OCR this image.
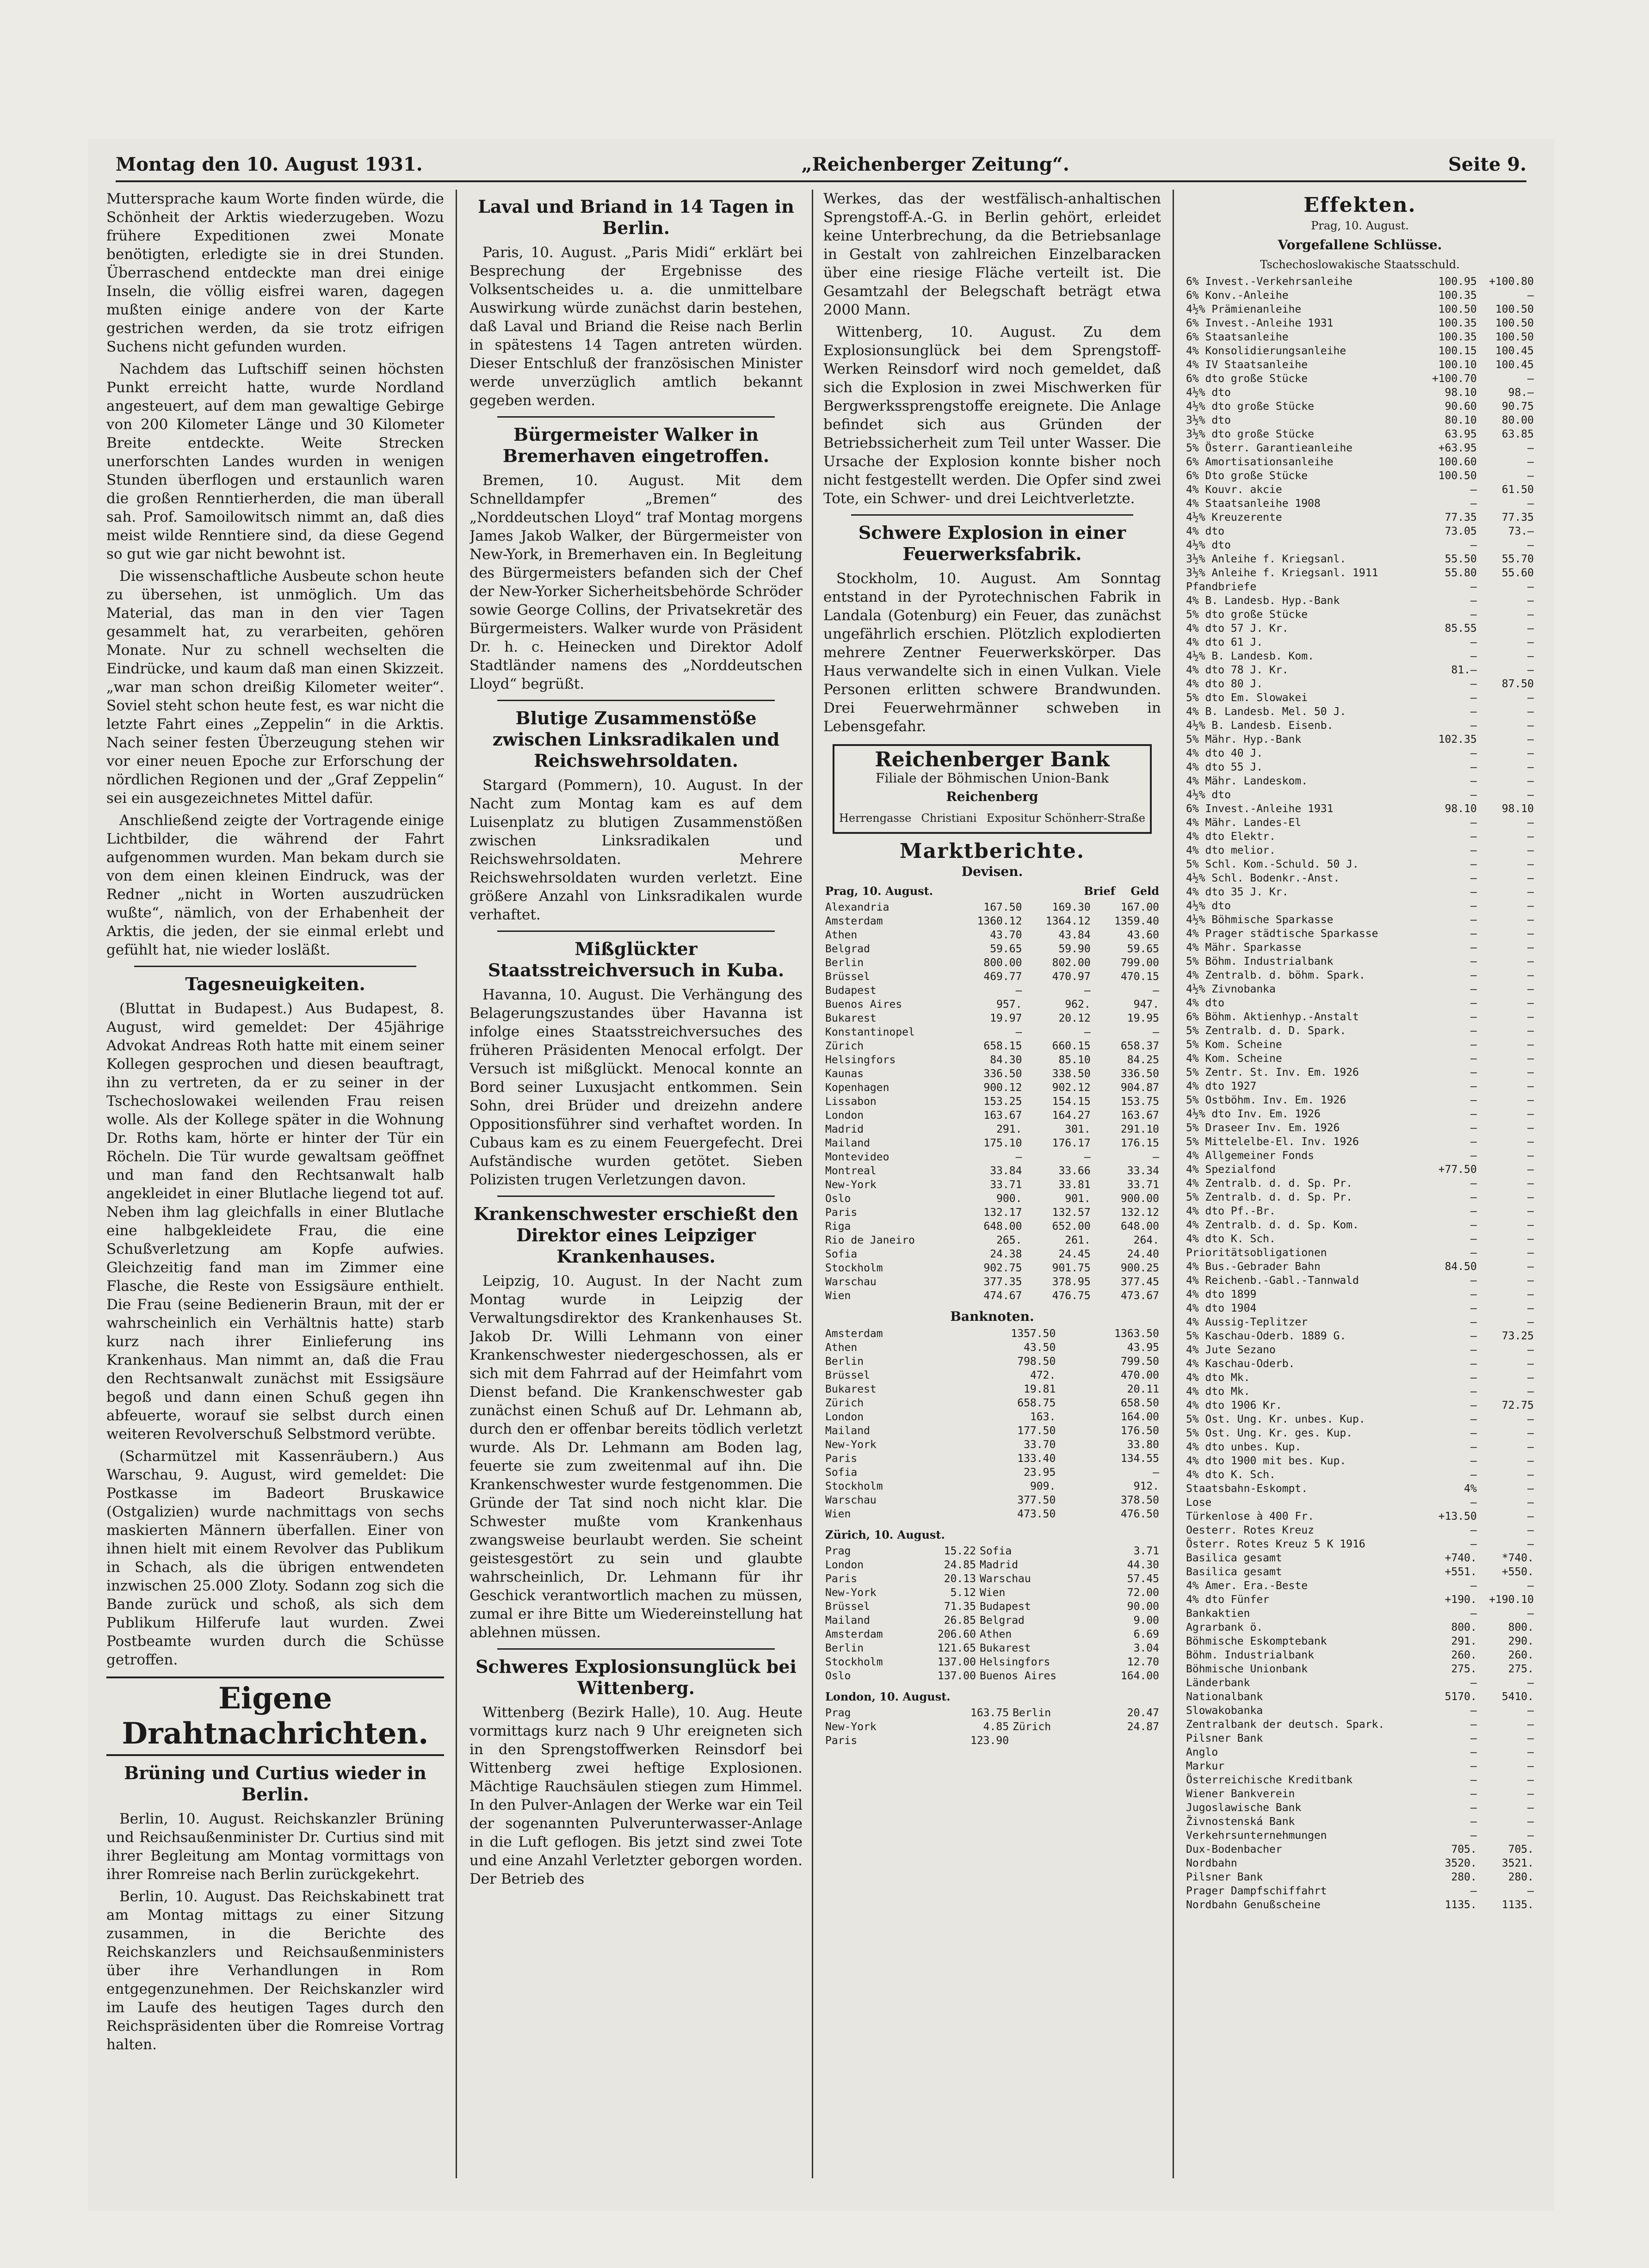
Montag den 10. August 1931.	„Reichenberger Zeitung“.	Seite 9.

Muttersprache kaum Worte finden würde, die Schönheit der Arktis wiederzugeben. Wozu frühere Expeditionen zwei Monate benötigten, erledigte sie in drei Stunden. Überraschend entdeckte man drei einige Inseln, die völlig eisfrei waren, dagegen mußten einige andere von der Karte gestrichen werden, da sie trotz eifrigen Suchens nicht gefunden wurden.

Nachdem das Luftschiff seinen höchsten Punkt erreicht hatte, wurde Nordland angesteuert, auf dem man gewaltige Gebirge von 200 Kilometer Länge und 30 Kilometer Breite entdeckte. Weite Strecken unerforschten Landes wurden in wenigen Stunden überflogen und erstaunlich waren die großen Renntierherden, die man überall sah. Prof. Samoilowitsch nimmt an, daß dies meist wilde Renntiere sind, da diese Gegend so gut wie gar nicht bewohnt ist.

Die wissenschaftliche Ausbeute schon heute zu übersehen, ist unmöglich. Um das Material, das man in den vier Tagen gesammelt hat, zu verarbeiten, gehören Monate. Nur zu schnell wechselten die Eindrücke, und kaum daß man einen Skizzeit. „war man schon dreißig Kilometer weiter“. Soviel steht schon heute fest, es war nicht die letzte Fahrt eines „Zeppelin“ in die Arktis. Nach seiner festen Überzeugung stehen wir vor einer neuen Epoche zur Erforschung der nördlichen Regionen und der „Graf Zeppelin“ sei ein ausgezeichnetes Mittel dafür.

Anschließend zeigte der Vortragende einige Lichtbilder, die während der Fahrt aufgenommen wurden. Man bekam durch sie von dem einen kleinen Eindruck, was der Redner „nicht in Worten auszudrücken wußte“, nämlich, von der Erhabenheit der Arktis, die jeden, der sie einmal erlebt und gefühlt hat, nie wieder losläßt.

Tagesneuigkeiten.

(Bluttat in Budapest.) Aus Budapest, 8. August, wird gemeldet: Der 45jährige Advokat Andreas Roth hatte mit einem seiner Kollegen gesprochen und diesen beauftragt, ihn zu vertreten, da er zu seiner in der Tschechoslowakei weilenden Frau reisen wolle. Als der Kollege später in die Wohnung Dr. Roths kam, hörte er hinter der Tür ein Röcheln. Die Tür wurde gewaltsam geöffnet und man fand den Rechtsanwalt halb angekleidet in einer Blutlache liegend tot auf. Neben ihm lag gleichfalls in einer Blutlache eine halbgekleidete Frau, die eine Schußverletzung am Kopfe aufwies. Gleichzeitig fand man im Zimmer eine Flasche, die Reste von Essigsäure enthielt. Die Frau (seine Bedienerin Braun, mit der er wahrscheinlich ein Verhältnis hatte) starb kurz nach ihrer Einlieferung ins Krankenhaus. Man nimmt an, daß die Frau den Rechtsanwalt zunächst mit Essigsäure begoß und dann einen Schuß gegen ihn abfeuerte, worauf sie selbst durch einen weiteren Revolverschuß Selbstmord verübte.

(Scharmützel mit Kassenräubern.) Aus Warschau, 9. August, wird gemeldet: Die Postkasse im Badeort Bruskawice (Ostgalizien) wurde nachmittags von sechs maskierten Männern überfallen. Einer von ihnen hielt mit einem Revolver das Publikum in Schach, als die übrigen entwendeten inzwischen 25.000 Zloty. Sodann zog sich die Bande zurück und schoß, als sich dem Publikum Hilferufe laut wurden. Zwei Postbeamte wurden durch die Schüsse getroffen.

Eigene Drahtnachrichten.
Brüning und Curtius wieder in Berlin.

Berlin, 10. August. Reichskanzler Brüning und Reichsaußenminister Dr. Curtius sind mit ihrer Begleitung am Montag vormittags von ihrer Romreise nach Berlin zurückgekehrt.

Berlin, 10. August. Das Reichskabinett trat am Montag mittags zu einer Sitzung zusammen, in die Berichte des Reichskanzlers und Reichsaußenministers über ihre Verhandlungen in Rom entgegenzunehmen. Der Reichskanzler wird im Laufe des heutigen Tages durch den Reichspräsidenten über die Romreise Vortrag halten.

Laval und Briand in 14 Tagen in Berlin.

Paris, 10. August. „Paris Midi“ erklärt bei Besprechung der Ergebnisse des Volksentscheides u. a. die unmittelbare Auswirkung würde zunächst darin bestehen, daß Laval und Briand die Reise nach Berlin in spätestens 14 Tagen antreten würden. Dieser Entschluß der französischen Minister werde unverzüglich amtlich bekannt gegeben werden.

Bürgermeister Walker in Bremerhaven eingetroffen.

Bremen, 10. August. Mit dem Schnelldampfer „Bremen“ des „Norddeutschen Lloyd“ traf Montag morgens James Jakob Walker, der Bürgermeister von New-York, in Bremerhaven ein. In Begleitung des Bürgermeisters befanden sich der Chef der New-Yorker Sicherheitsbehörde Schröder sowie George Collins, der Privatsekretär des Bürgermeisters. Walker wurde von Präsident Dr. h. c. Heinecken und Direktor Adolf Stadtländer namens des „Norddeutschen Lloyd“ begrüßt.

Blutige Zusammenstöße zwischen Linksradikalen und Reichswehrsoldaten.

Stargard (Pommern), 10. August. In der Nacht zum Montag kam es auf dem Luisenplatz zu blutigen Zusammenstößen zwischen Linksradikalen und Reichswehrsoldaten. Mehrere Reichswehrsoldaten wurden verletzt. Eine größere Anzahl von Linksradikalen wurde verhaftet.

Mißglückter Staatsstreichversuch in Kuba.

Havanna, 10. August. Die Verhängung des Belagerungszustandes über Havanna ist infolge eines Staatsstreichversuches des früheren Präsidenten Menocal erfolgt. Der Versuch ist mißglückt. Menocal konnte an Bord seiner Luxusjacht entkommen. Sein Sohn, drei Brüder und dreizehn andere Oppositionsführer sind verhaftet worden. In Cubaus kam es zu einem Feuergefecht. Drei Aufständische wurden getötet. Sieben Polizisten trugen Verletzungen davon.

Krankenschwester erschießt den Direktor eines Leipziger Krankenhauses.

Leipzig, 10. August. In der Nacht zum Montag wurde in Leipzig der Verwaltungsdirektor des Krankenhauses St. Jakob Dr. Willi Lehmann von einer Krankenschwester niedergeschossen, als er sich mit dem Fahrrad auf der Heimfahrt vom Dienst befand. Die Krankenschwester gab zunächst einen Schuß auf Dr. Lehmann ab, durch den er offenbar bereits tödlich verletzt wurde. Als Dr. Lehmann am Boden lag, feuerte sie zum zweitenmal auf ihn. Die Krankenschwester wurde festgenommen. Die Gründe der Tat sind noch nicht klar. Die Schwester mußte vom Krankenhaus zwangsweise beurlaubt werden. Sie scheint geistesgestört zu sein und glaubte wahrscheinlich, Dr. Lehmann für ihr Geschick verantwortlich machen zu müssen, zumal er ihre Bitte um Wiedereinstellung hat ablehnen müssen.

Schweres Explosionsunglück bei Wittenberg.

Wittenberg (Bezirk Halle), 10. Aug. Heute vormittags kurz nach 9 Uhr ereigneten sich in den Sprengstoffwerken Reinsdorf bei Wittenberg zwei heftige Explosionen. Mächtige Rauchsäulen stiegen zum Himmel. In den Pulver-Anlagen der Werke war ein Teil der sogenannten Pulverunterwasser-Anlage in die Luft geflogen. Bis jetzt sind zwei Tote und eine Anzahl Verletzter geborgen worden. Der Betrieb des

Werkes, das der westfälisch-anhaltischen Sprengstoff-A.-G. in Berlin gehört, erleidet keine Unterbrechung, da die Betriebsanlage in Gestalt von zahlreichen Einzelbaracken über eine riesige Fläche verteilt ist. Die Gesamtzahl der Belegschaft beträgt etwa 2000 Mann.

Wittenberg, 10. August. Zu dem Explosionsunglück bei dem Sprengstoff-Werken Reinsdorf wird noch gemeldet, daß sich die Explosion in zwei Mischwerken für Bergwerkssprengstoffe ereignete. Die Anlage befindet sich aus Gründen der Betriebssicherheit zum Teil unter Wasser. Die Ursache der Explosion konnte bisher noch nicht festgestellt werden. Die Opfer sind zwei Tote, ein Schwer- und drei Leichtverletzte.

Schwere Explosion in einer Feuerwerksfabrik.

Stockholm, 10. August. Am Sonntag entstand in der Pyrotechnischen Fabrik in Landala (Gotenburg) ein Feuer, das zunächst ungefährlich erschien. Plötzlich explodierten mehrere Zentner Feuerwerkskörper. Das Haus verwandelte sich in einen Vulkan. Viele Personen erlitten schwere Brandwunden. Drei Feuerwehrmänner schweben in Lebensgefahr.

Reichenberger Bank
Filiale der Böhmischen Union-Bank
Reichenberg
Herrengasse Christiani Expositur Schönherr-Straße
Marktberichte.
Devisen.
Prag, 10. August.	Brief Geld
Alexandria	167.50	169.30	167.00
Amsterdam	1360.12	1364.12	1359.40
Athen	43.70	43.84	43.60
Belgrad	59.65	59.90	59.65
Berlin	800.00	802.00	799.00
Brüssel	469.77	470.97	470.15
Budapest	—	—	—
Buenos Aires	957.	962.	947.
Bukarest	19.97	20.12	19.95
Konstantinopel	—	—	—
Zürich	658.15	660.15	658.37
Helsingfors	84.30	85.10	84.25
Kaunas	336.50	338.50	336.50
Kopenhagen	900.12	902.12	904.87
Lissabon	153.25	154.15	153.75
London	163.67	164.27	163.67
Madrid	291.	301.	291.10
Mailand	175.10	176.17	176.15
Montevideo	—	—	—
Montreal	33.84	33.66	33.34
New-York	33.71	33.81	33.71
Oslo	900.	901.	900.00
Paris	132.17	132.57	132.12
Riga	648.00	652.00	648.00
Rio de Janeiro	265.	261.	264.
Sofia	24.38	24.45	24.40
Stockholm	902.75	901.75	900.25
Warschau	377.35	378.95	377.45
Wien	474.67	476.75	473.67
Banknoten.
Amsterdam	1357.50	1363.50
Athen	43.50	43.95
Berlin	798.50	799.50
Brüssel	472.	470.00
Bukarest	19.81	20.11
Zürich	658.75	658.50
London	163.	164.00
Mailand	177.50	176.50
New-York	33.70	33.80
Paris	133.40	134.55
Sofia	23.95	—
Stockholm	909.	912.
Warschau	377.50	378.50
Wien	473.50	476.50
Zürich, 10. August.
Prag	15.22	Sofia	3.71
London	24.85	Madrid	44.30
Paris	20.13	Warschau	57.45
New-York	5.12	Wien	72.00
Brüssel	71.35	Budapest	90.00
Mailand	26.85	Belgrad	9.00
Amsterdam	206.60	Athen	6.69
Berlin	121.65	Bukarest	3.04
Stockholm	137.00	Helsingfors	12.70
Oslo	137.00	Buenos Aires	164.00
London, 10. August.
Prag	163.75	Berlin	20.47
New-York	4.85	Zürich	24.87
Paris	123.90		
Effekten.
Prag, 10. August.
Vorgefallene Schlüsse.
Tschechoslowakische Staatsschuld.
6% Invest.-Verkehrsanleihe	100.95	+100.80
6% Konv.-Anleihe	100.35	—
4½% Prämienanleihe	100.50	100.50
6% Invest.-Anleihe 1931	100.35	100.50
6% Staatsanleihe	100.35	100.50
4% Konsolidierungsanleihe	100.15	100.45
4% IV Staatsanleihe	100.10	100.45
6% dto große Stücke	+100.70	—
4½% dto	98.10	98.—
4½% dto große Stücke	90.60	90.75
3½% dto	80.10	80.00
3½% dto große Stücke	63.95	63.85
5% Österr. Garantieanleihe	+63.95	—
6% Amortisationsanleihe	100.60	—
6% Dto große Stücke	100.50	—
4% Kouvr. akcie	—	61.50
4% Staatsanleihe 1908	—	—
4½% Kreuzerente	77.35	77.35
4% dto	73.05	73.—
4½% dto	—	—
3½% Anleihe f. Kriegsanl.	55.50	55.70
3½% Anleihe f. Kriegsanl. 1911	55.80	55.60
Pfandbriefe	—	—
4% B. Landesb. Hyp.-Bank	—	—
5% dto große Stücke	—	—
4% dto 57 J. Kr.	85.55	—
4% dto 61 J.	—	—
4½% B. Landesb. Kom.	—	—
4% dto 78 J. Kr.	81.—	—
4% dto 80 J.	—	87.50
5% dto Em. Slowakei	—	—
4% B. Landesb. Mel. 50 J.	—	—
4½% B. Landesb. Eisenb.	—	—
5% Mähr. Hyp.-Bank	102.35	—
4% dto 40 J.	—	—
4% dto 55 J.	—	—
4% Mähr. Landeskom.	—	—
4½% dto	—	—
6% Invest.-Anleihe 1931	98.10	98.10
4% Mähr. Landes-El	—	—
4% dto Elektr.	—	—
4% dto melior.	—	—
5% Schl. Kom.-Schuld. 50 J.	—	—
4½% Schl. Bodenkr.-Anst.	—	—
4% dto 35 J. Kr.	—	—
4½% dto	—	—
4½% Böhmische Sparkasse	—	—
4% Prager städtische Sparkasse	—	—
4% Mähr. Sparkasse	—	—
5% Böhm. Industrialbank	—	—
4% Zentralb. d. böhm. Spark.	—	—
4½% Zivnobanka	—	—
4% dto	—	—
6% Böhm. Aktienhyp.-Anstalt	—	—
5% Zentralb. d. D. Spark.	—	—
5% Kom. Scheine	—	—
4% Kom. Scheine	—	—
5% Zentr. St. Inv. Em. 1926	—	—
4% dto 1927	—	—
5% Ostböhm. Inv. Em. 1926	—	—
4½% dto Inv. Em. 1926	—	—
5% Draseer Inv. Em. 1926	—	—
5% Mittelelbe-El. Inv. 1926	—	—
4% Allgemeiner Fonds	—	—
4% Spezialfond	+77.50	—
4% Zentralb. d. d. Sp. Pr.	—	—
5% Zentralb. d. d. Sp. Pr.	—	—
4% dto Pf.-Br.	—	—
4% Zentralb. d. d. Sp. Kom.	—	—
4% dto K. Sch.	—	—
Prioritätsobligationen	—	—
4% Bus.-Gebrader Bahn	84.50	—
4% Reichenb.-Gabl.-Tannwald	—	—
4% dto 1899	—	—
4% dto 1904	—	—
4% Aussig-Teplitzer	—	—
5% Kaschau-Oderb. 1889 G.	—	73.25
4% Jute Sezano	—	—
4% Kaschau-Oderb.	—	—
4% dto Mk.	—	—
4% dto Mk.	—	—
4% dto 1906 Kr.	—	72.75
5% Ost. Ung. Kr. unbes. Kup.	—	—
5% Ost. Ung. Kr. ges. Kup.	—	—
4% dto unbes. Kup.	—	—
4% dto 1900 mit bes. Kup.	—	—
4% dto K. Sch.	—	—
Staatsbahn-Eskompt.	4%	—
Lose	—	—
Türkenlose à 400 Fr.	+13.50	—
Oesterr. Rotes Kreuz	—	—
Österr. Rotes Kreuz 5 K 1916	—	—
Basilica gesamt	+740.	*740.
Basilica gesamt	+551.	+550.
4% Amer. Era.-Beste	—	—
4% dto Fünfer	+190.	+190.10
Bankaktien	—	—
Agrarbank ö.	800.	800.
Böhmische Eskomptebank	291.	290.
Böhm. Industrialbank	260.	260.
Böhmische Unionbank	275.	275.
Länderbank	—	—
Nationalbank	5170.	5410.
Slowakobanka	—	—
Zentralbank der deutsch. Spark.	—	—
Pilsner Bank	—	—
Anglo	—	—
Markur	—	—
Österreichische Kreditbank	—	—
Wiener Bankverein	—	—
Jugoslawische Bank	—	—
Živnostenská Bank	—	—
Verkehrsunternehmungen	—	—
Dux-Bodenbacher	705.	705.
Nordbahn	3520.	3521.
Pilsner Bank	280.	280.
Prager Dampfschiffahrt	—	—
Nordbahn Genußscheine	1135.	1135.
